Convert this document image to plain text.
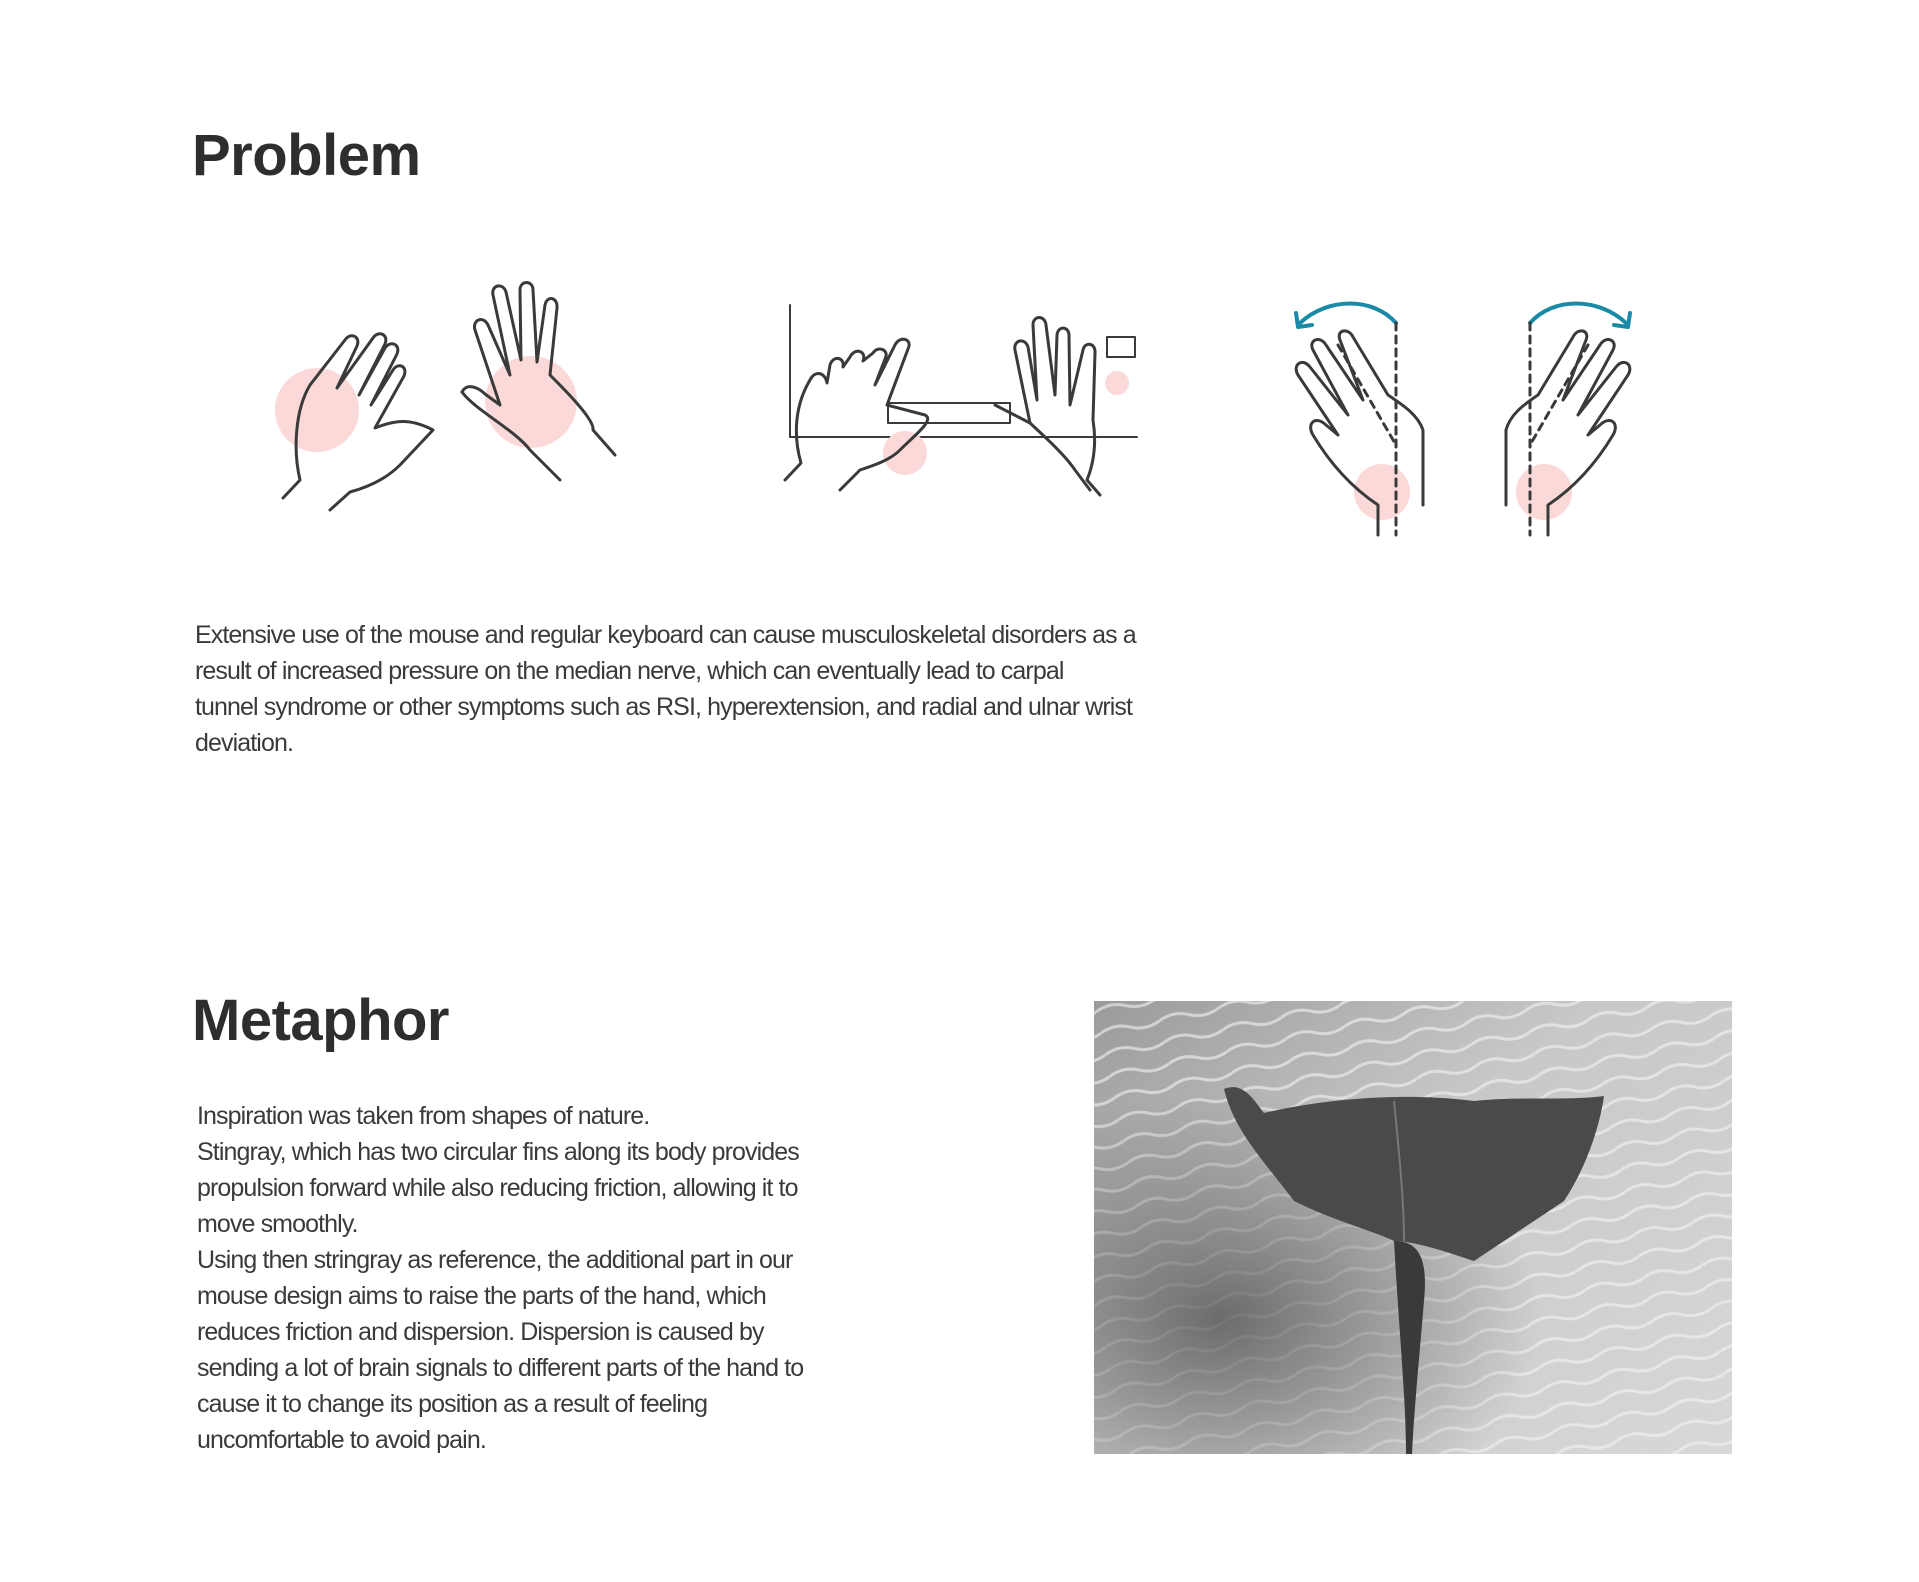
Problem

Extensive use of the mouse and regular keyboard can cause musculoskeletal disorders as a
result of increased pressure on the median nerve, which can eventually lead to carpal
tunnel syndrome or other symptoms such as RSI, hyperextension, and radial and ulnar wrist
deviation.

Metaphor

Inspiration was taken from shapes of nature.
Stingray, which has two circular fins along its body provides
propulsion forward while also reducing friction, allowing it to
move smoothly.
Using then stringray as reference, the additional part in our
mouse design aims to raise the parts of the hand, which
reduces friction and dispersion. Dispersion is caused by
sending a lot of brain signals to different parts of the hand to
cause it to change its position as a result of feeling
uncomfortable to avoid pain.
